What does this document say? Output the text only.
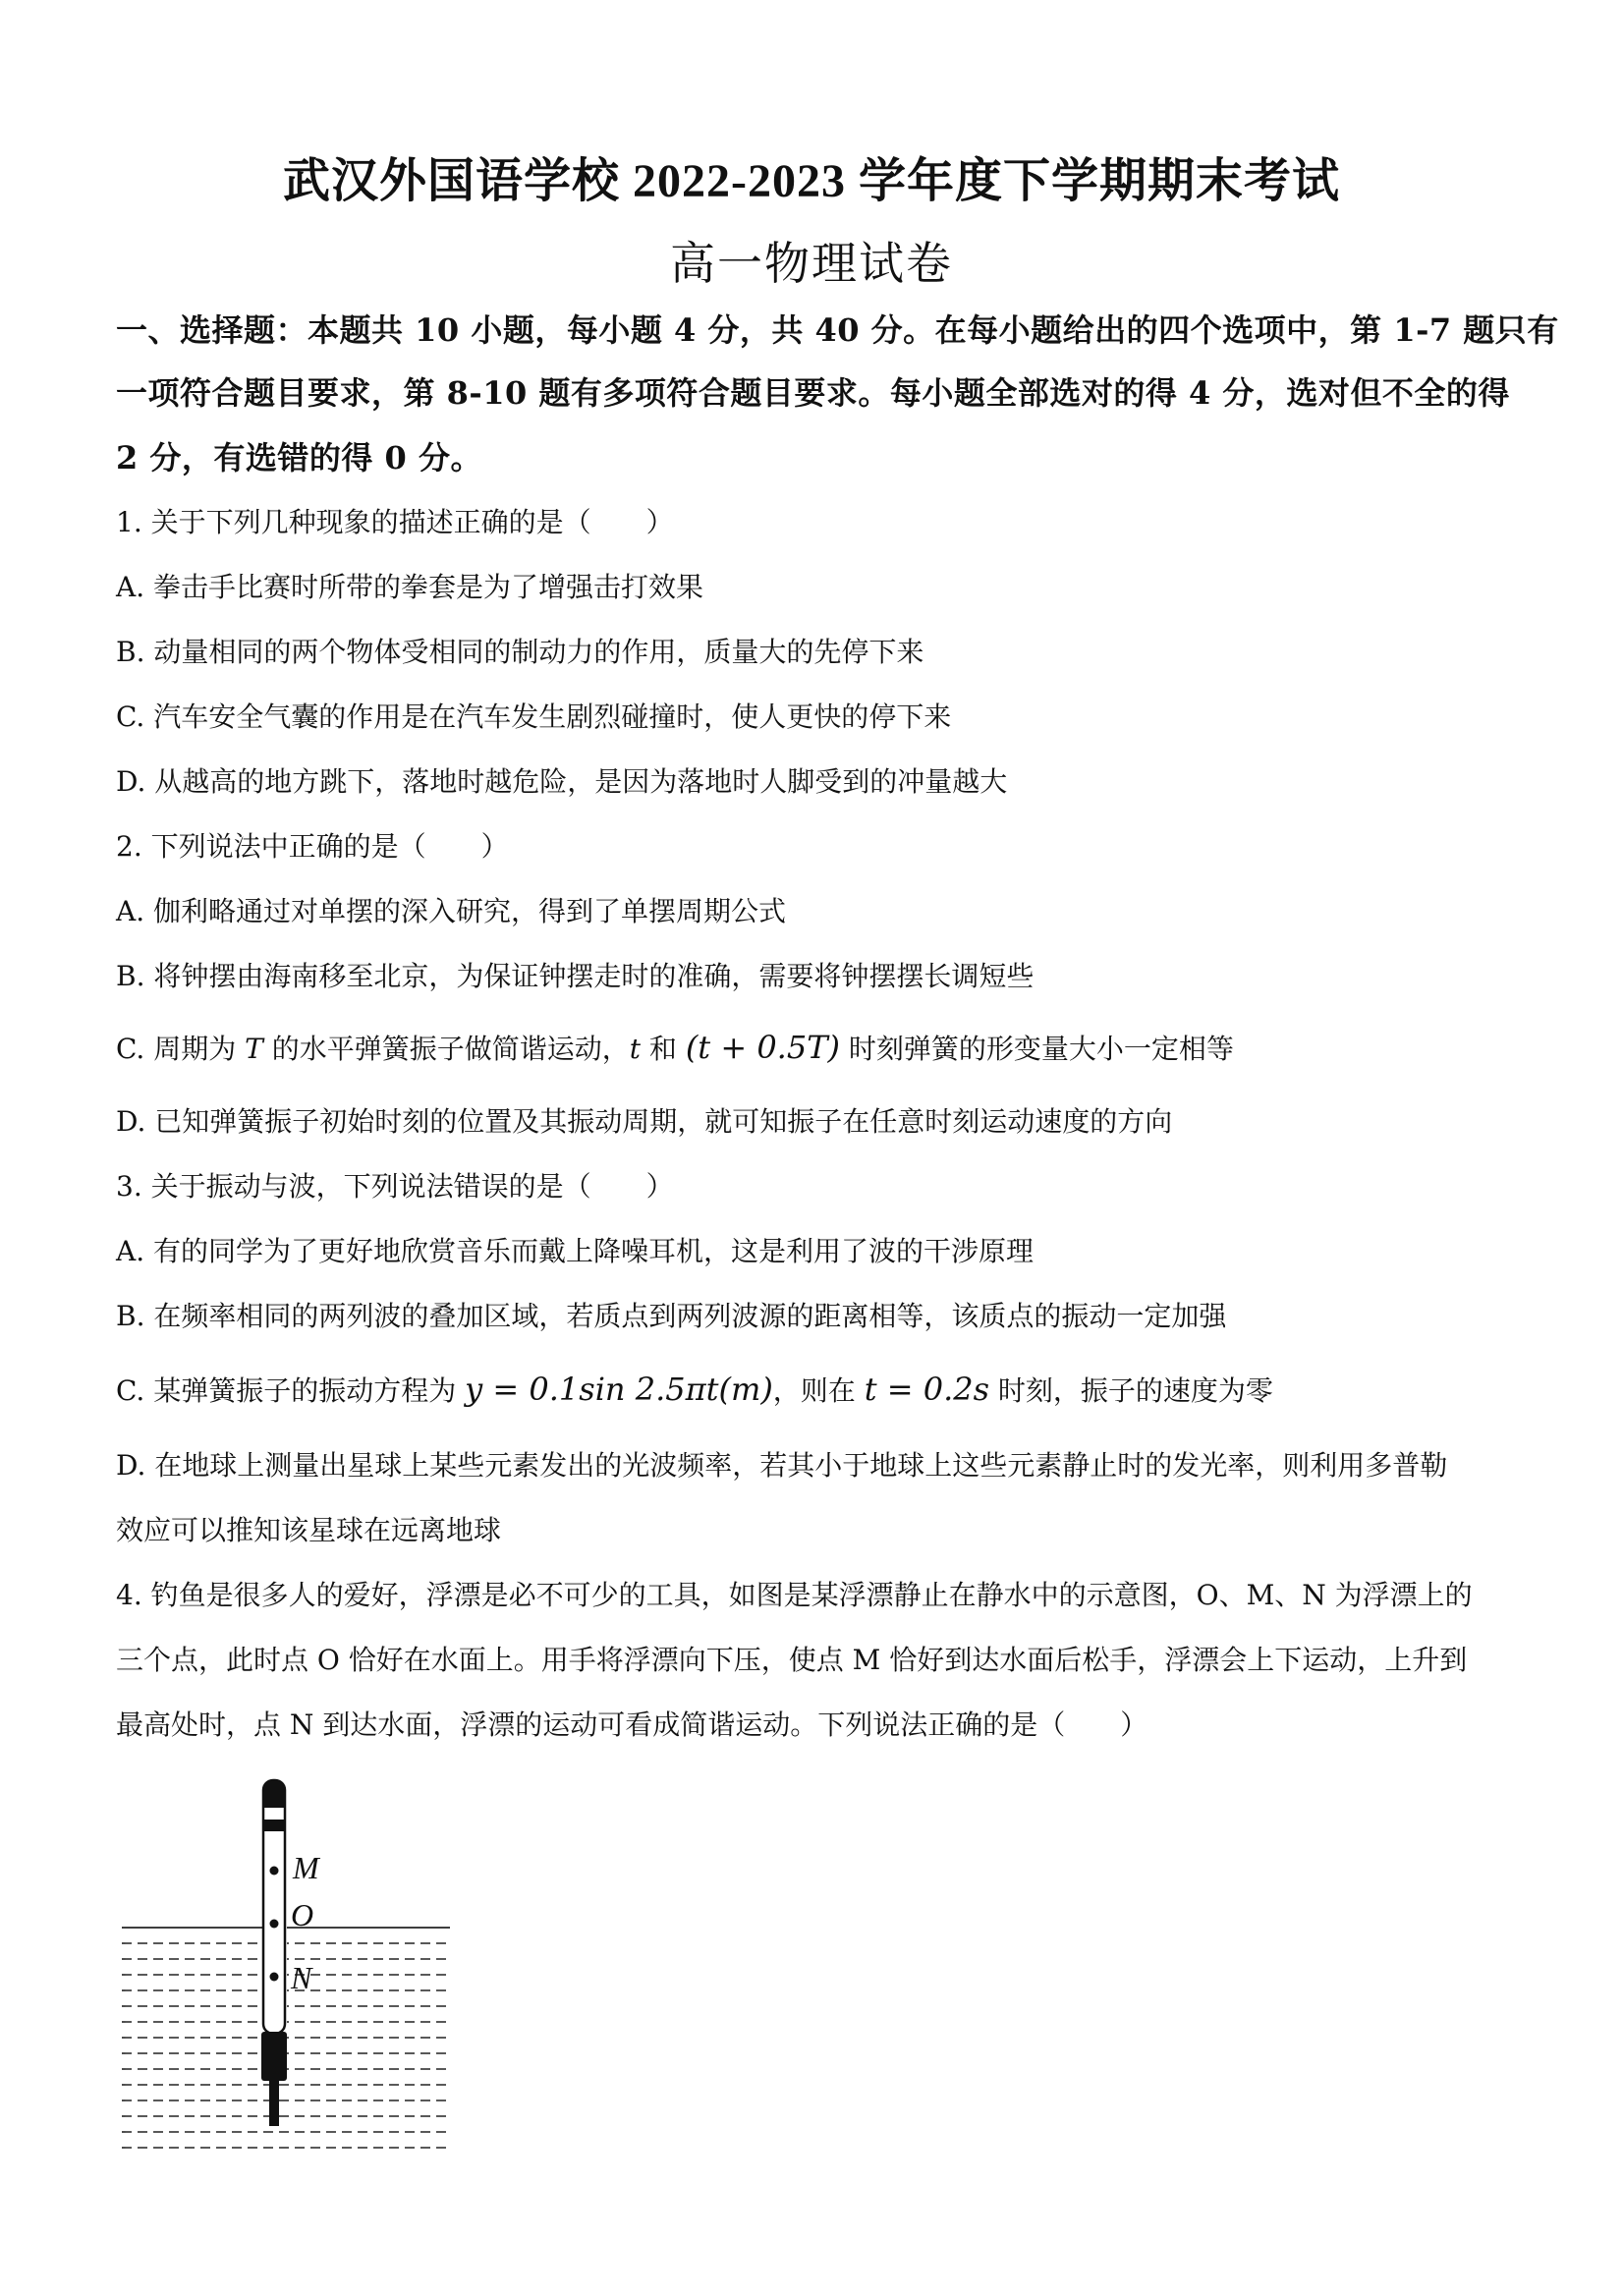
武汉外国语学校 2022-2023 学年度下学期期末考试
高一物理试卷
一、选择题：本题共 10 小题，每小题 4 分，共 40 分。在每小题给出的四个选项中，第 1-7 题只有
一项符合题目要求，第 8-10 题有多项符合题目要求。每小题全部选对的得 4 分，选对但不全的得
2 分，有选错的得 0 分。
1. 关于下列几种现象的描述正确的是（　　）
A. 拳击手比赛时所带的拳套是为了增强击打效果
B. 动量相同的两个物体受相同的制动力的作用，质量大的先停下来
C. 汽车安全气囊的作用是在汽车发生剧烈碰撞时，使人更快的停下来
D. 从越高的地方跳下，落地时越危险，是因为落地时人脚受到的冲量越大
2. 下列说法中正确的是（　　）
A. 伽利略通过对单摆的深入研究，得到了单摆周期公式
B. 将钟摆由海南移至北京，为保证钟摆走时的准确，需要将钟摆摆长调短些
C. 周期为 T 的水平弹簧振子做简谐运动，t 和 (t + 0.5T) 时刻弹簧的形变量大小一定相等
D. 已知弹簧振子初始时刻的位置及其振动周期，就可知振子在任意时刻运动速度的方向
3. 关于振动与波，下列说法错误的是（　　）
A. 有的同学为了更好地欣赏音乐而戴上降噪耳机，这是利用了波的干涉原理
B. 在频率相同的两列波的叠加区域，若质点到两列波源的距离相等，该质点的振动一定加强
C. 某弹簧振子的振动方程为 y = 0.1sin 2.5πt(m)，则在 t = 0.2s 时刻，振子的速度为零
D. 在地球上测量出星球上某些元素发出的光波频率，若其小于地球上这些元素静止时的发光率，则利用多普勒
效应可以推知该星球在远离地球
4. 钓鱼是很多人的爱好，浮漂是必不可少的工具，如图是某浮漂静止在静水中的示意图，O、M、N 为浮漂上的
三个点，此时点 O 恰好在水面上。用手将浮漂向下压，使点 M 恰好到达水面后松手，浮漂会上下运动，上升到
最高处时，点 N 到达水面，浮漂的运动可看成简谐运动。下列说法正确的是（　　）
M
O
N
